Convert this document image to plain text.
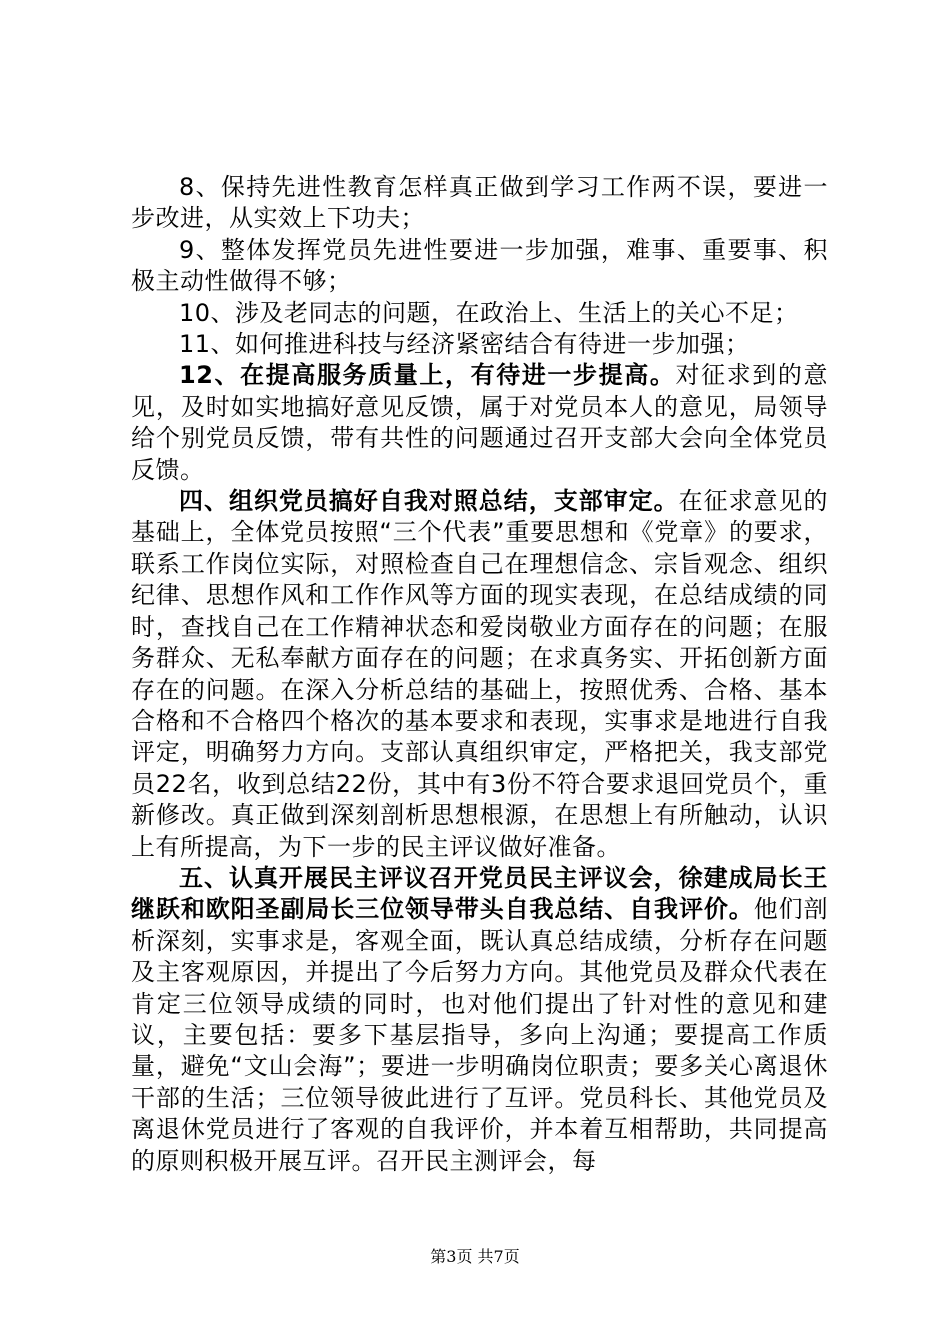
8、保持先进性教育怎样真正做到学习工作两不误，要进一步改进，从实效上下功夫；

9、整体发挥党员先进性要进一步加强，难事、重要事、积极主动性做得不够；

10、涉及老同志的问题，在政治上、生活上的关心不足；

11、如何推进科技与经济紧密结合有待进一步加强；

12、在提高服务质量上，有待进一步提高。对征求到的意见，及时如实地搞好意见反馈，属于对党员本人的意见，局领导给个别党员反馈，带有共性的问题通过召开支部大会向全体党员反馈。

四、组织党员搞好自我对照总结，支部审定。在征求意见的基础上，全体党员按照“三个代表”重要思想和《党章》的要求，联系工作岗位实际，对照检查自己在理想信念、宗旨观念、组织纪律、思想作风和工作作风等方面的现实表现，在总结成绩的同时，查找自己在工作精神状态和爱岗敬业方面存在的问题；在服务群众、无私奉献方面存在的问题；在求真务实、开拓创新方面存在的问题。在深入分析总结的基础上，按照优秀、合格、基本合格和不合格四个格次的基本要求和表现，实事求是地进行自我评定，明确努力方向。支部认真组织审定，严格把关，我支部党员22名，收到总结22份，其中有3份不符合要求退回党员个，重新修改。真正做到深刻剖析思想根源，在思想上有所触动，认识上有所提高，为下一步的民主评议做好准备。

五、认真开展民主评议召开党员民主评议会，徐建成局长王继跃和欧阳圣副局长三位领导带头自我总结、自我评价。他们剖析深刻，实事求是，客观全面，既认真总结成绩，分析存在问题及主客观原因，并提出了今后努力方向。其他党员及群众代表在肯定三位领导成绩的同时，也对他们提出了针对性的意见和建议，主要包括：要多下基层指导，多向上沟通；要提高工作质量，避免“文山会海”；要进一步明确岗位职责；要多关心离退休干部的生活；三位领导彼此进行了互评。党员科长、其他党员及离退休党员进行了客观的自我评价，并本着互相帮助，共同提高的原则积极开展互评。召开民主测评会，每

第3页 共7页
